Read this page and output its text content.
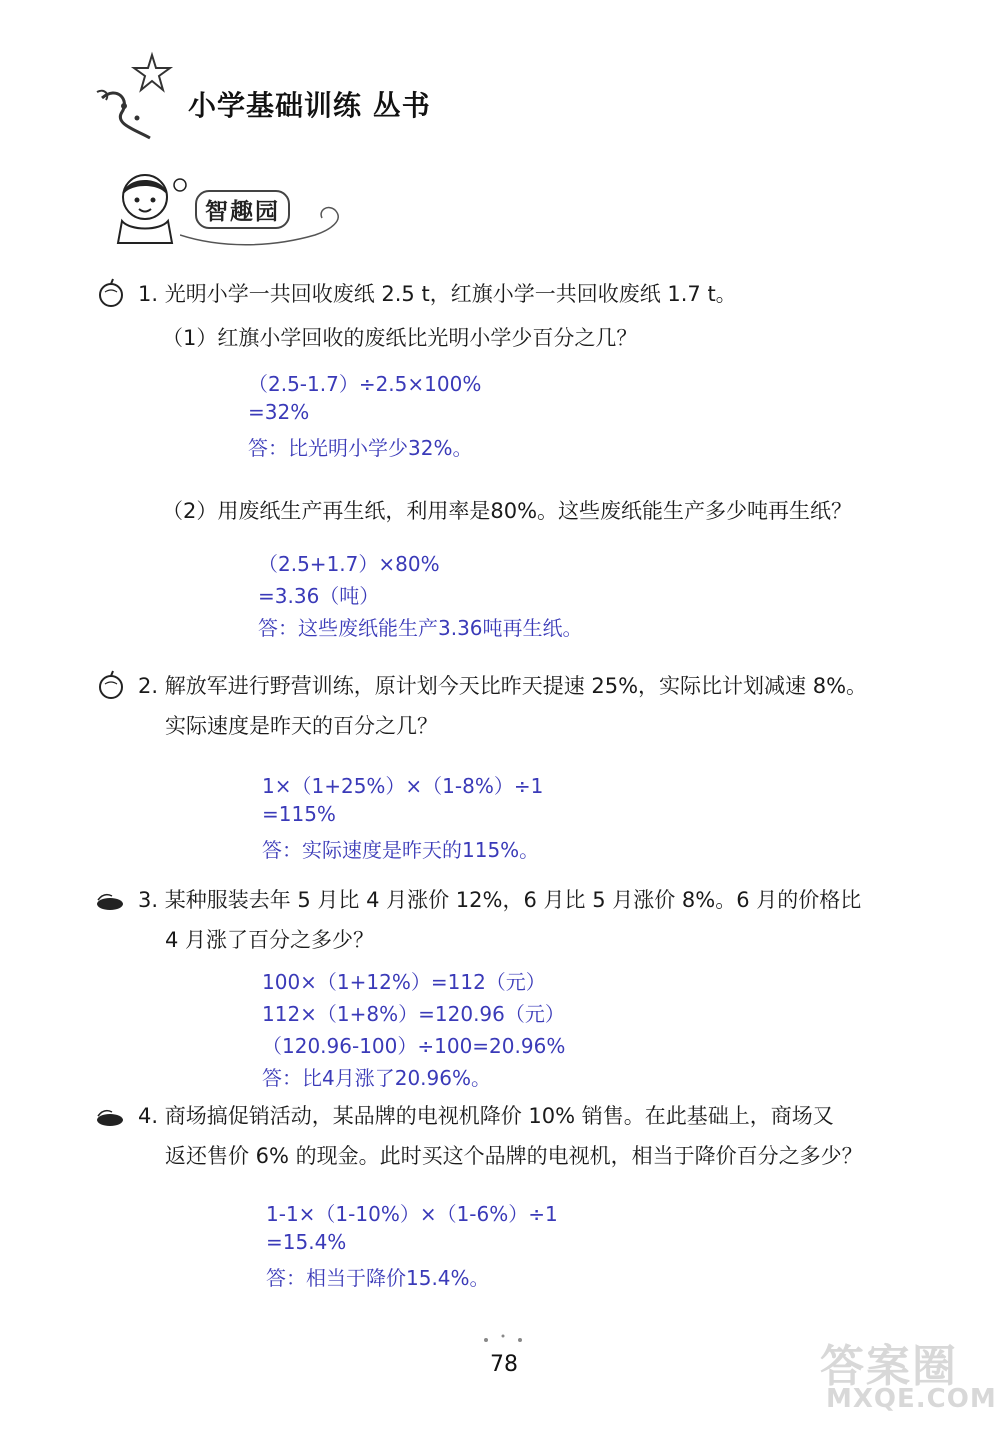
小学基础训练 丛书
智趣园
1. 光明小学一共回收废纸 2.5 t，红旗小学一共回收废纸 1.7 t。
（1）红旗小学回收的废纸比光明小学少百分之几？
（2.5-1.7）÷2.5×100%
=32%
答：比光明小学少32%。
（2）用废纸生产再生纸，利用率是80%。这些废纸能生产多少吨再生纸？
（2.5+1.7）×80%
=3.36（吨）
答：这些废纸能生产3.36吨再生纸。
2. 解放军进行野营训练，原计划今天比昨天提速 25%，实际比计划减速 8%。
实际速度是昨天的百分之几？
1×（1+25%）×（1-8%）÷1
=115%
答：实际速度是昨天的115%。
3. 某种服装去年 5 月比 4 月涨价 12%，6 月比 5 月涨价 8%。6 月的价格比
4 月涨了百分之多少？
100×（1+12%）=112（元）
112×（1+8%）=120.96（元）
（120.96-100）÷100=20.96%
答：比4月涨了20.96%。
4. 商场搞促销活动，某品牌的电视机降价 10% 销售。在此基础上，商场又
返还售价 6% 的现金。此时买这个品牌的电视机，相当于降价百分之多少？
1-1×（1-10%）×（1-6%）÷1
=15.4%
答：相当于降价15.4%。
78	答案圈
MXQE.COM
